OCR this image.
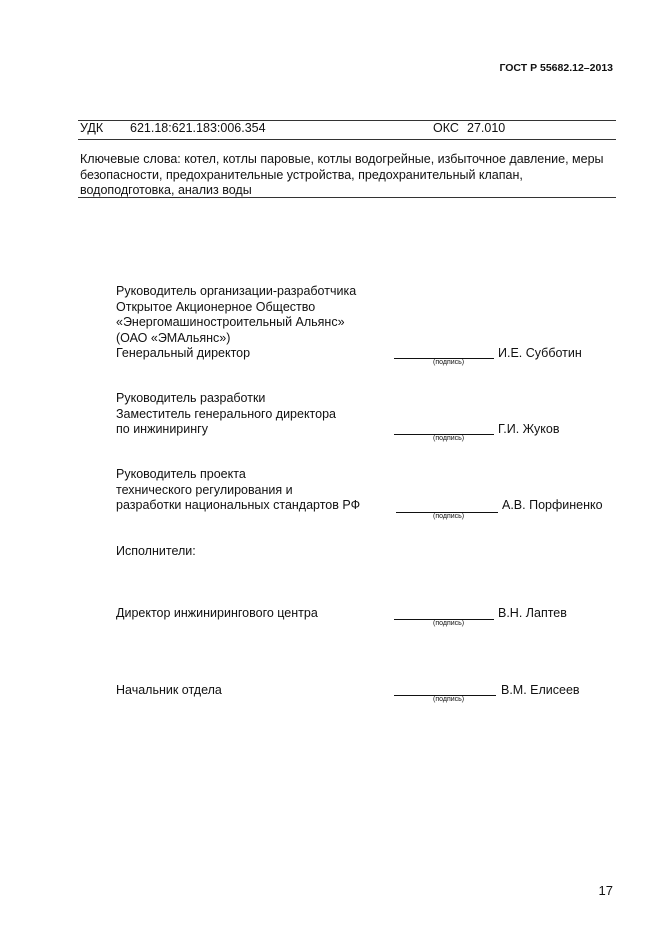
ГОСТ Р 55682.12–2013
УДК 621.18:621.183:006.354	ОКС 27.010
Ключевые слова: котел, котлы паровые, котлы водогрейные, избыточное давление, меры безопасности, предохранительные устройства, предохранительный клапан, водоподготовка, анализ воды
Руководитель организации-разработчика
Открытое Акционерное Общество
«Энергомашиностроительный Альянс»
(ОАО «ЭМАльянс»)
Генеральный директор
(подпись)
И.Е. Субботин
Руководитель разработки
Заместитель генерального директора
по инжинирингу
(подпись)
Г.И. Жуков
Руководитель проекта
технического регулирования и
разработки национальных стандартов РФ
(подпись)
А.В. Порфиненко
Исполнители:
Директор инжинирингового центра
(подпись)
В.Н. Лаптев
Начальник отдела
(подпись)
В.М. Елисеев
17
